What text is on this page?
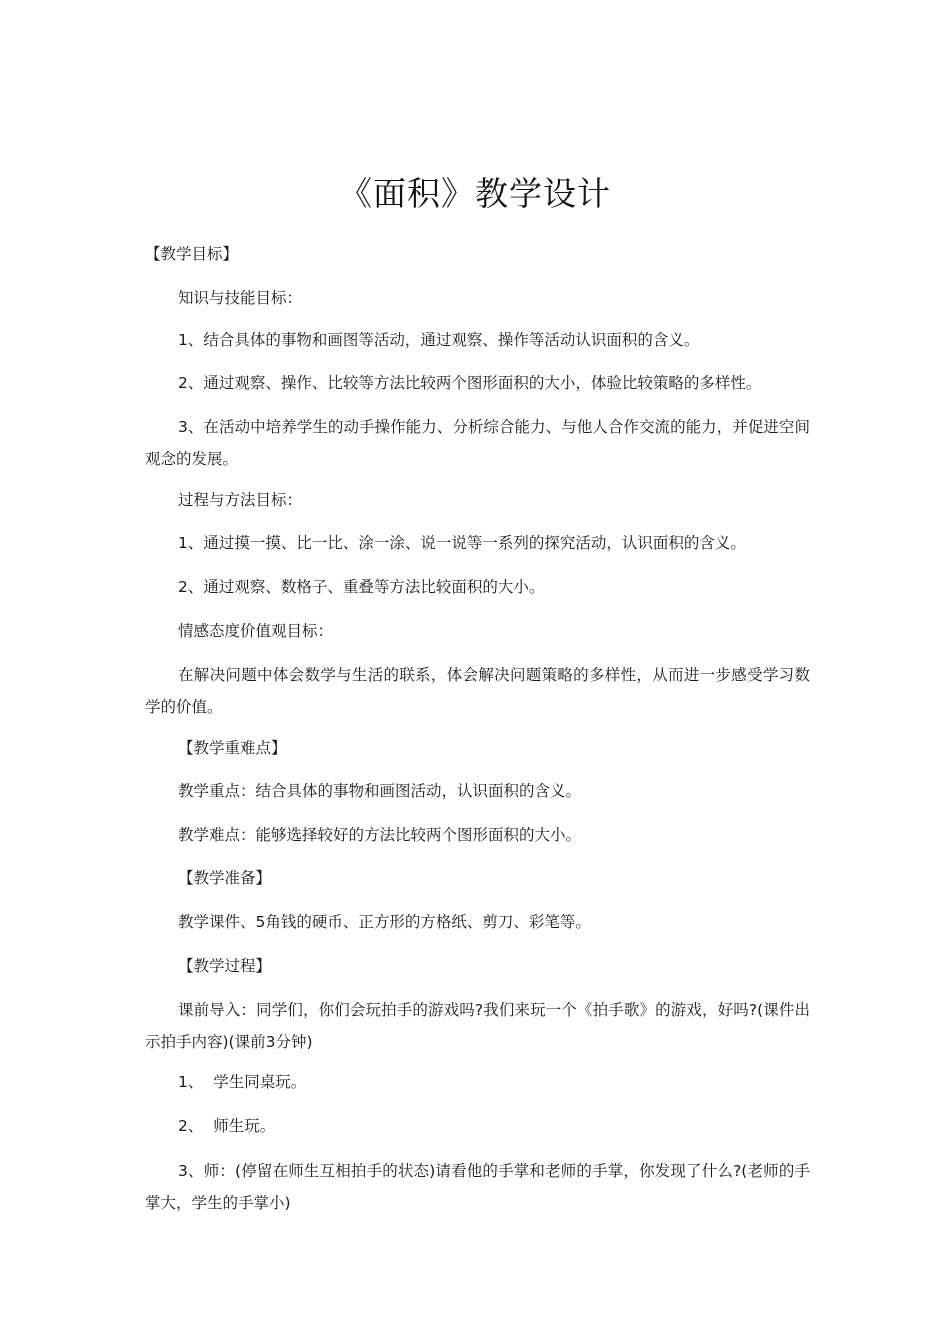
《面积》教学设计
【教学目标】
知识与技能目标：
1、结合具体的事物和画图等活动，通过观察、操作等活动认识面积的含义。
2、通过观察、操作、比较等方法比较两个图形面积的大小，体验比较策略的多样性。
3、在活动中培养学生的动手操作能力、分析综合能力、与他人合作交流的能力，并促进空间观念的发展。
过程与方法目标：
1、通过摸一摸、比一比、涂一涂、说一说等一系列的探究活动，认识面积的含义。
2、通过观察、数格子、重叠等方法比较面积的大小。
情感态度价值观目标：
在解决问题中体会数学与生活的联系，体会解决问题策略的多样性，从而进一步感受学习数学的价值。
【教学重难点】
教学重点：结合具体的事物和画图活动，认识面积的含义。
教学难点：能够选择较好的方法比较两个图形面积的大小。
【教学准备】
教学课件、5角钱的硬币、正方形的方格纸、剪刀、彩笔等。
【教学过程】
课前导入：同学们，你们会玩拍手的游戏吗?我们来玩一个《拍手歌》的游戏，好吗?(课件出示拍手内容)(课前3分钟)
1、  学生同桌玩。
2、  师生玩。
3、师：(停留在师生互相拍手的状态)请看他的手掌和老师的手掌，你发现了什么?(老师的手掌大，学生的手掌小)
